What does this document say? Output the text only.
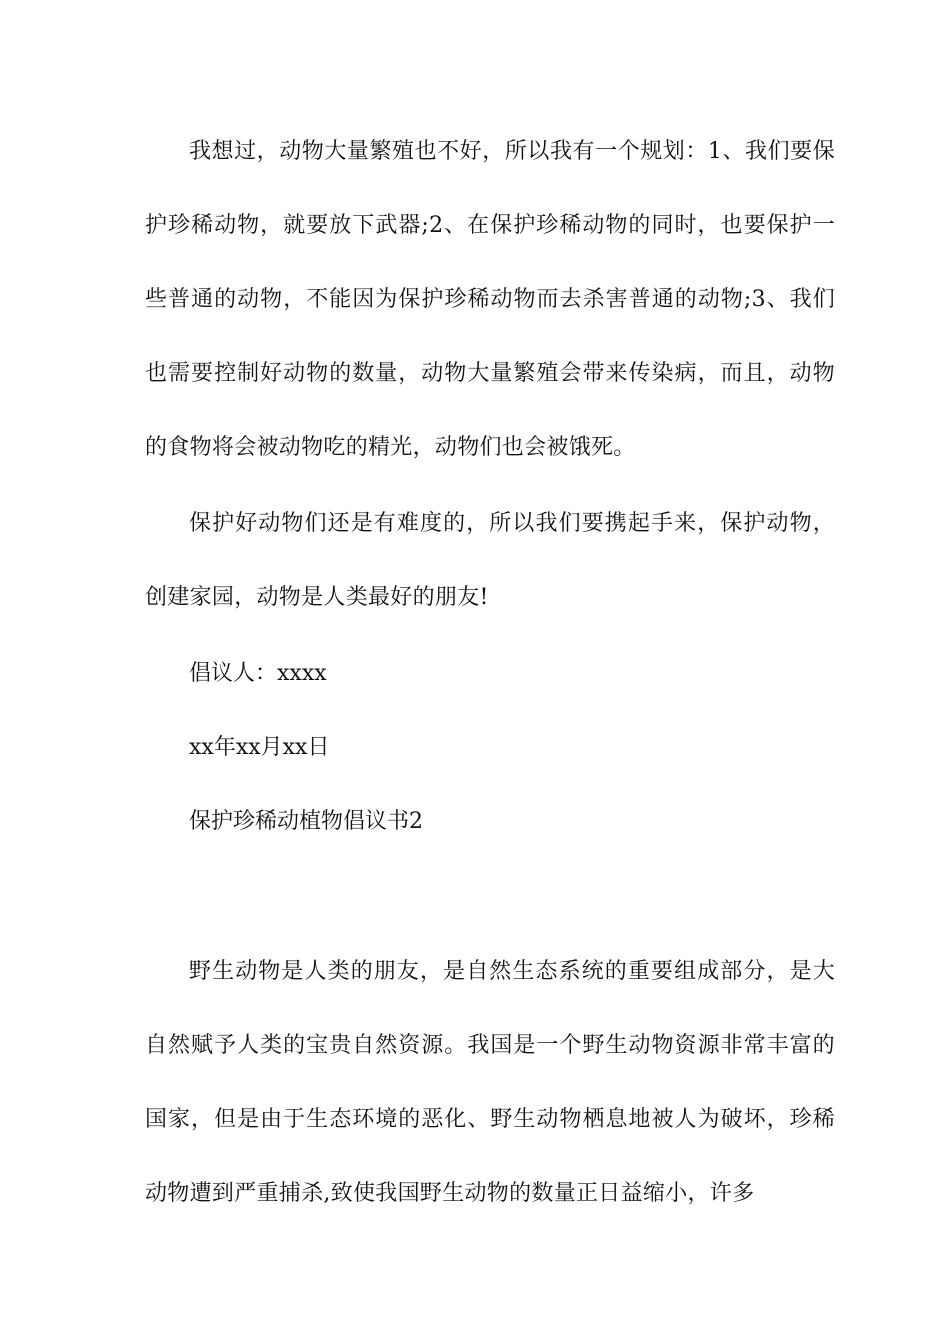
我想过，动物大量繁殖也不好，所以我有一个规划：1、我们要保护珍稀动物，就要放下武器;2、在保护珍稀动物的同时，也要保护一些普通的动物，不能因为保护珍稀动物而去杀害普通的动物;3、我们也需要控制好动物的数量，动物大量繁殖会带来传染病，而且，动物的食物将会被动物吃的精光，动物们也会被饿死。

保护好动物们还是有难度的，所以我们要携起手来，保护动物，创建家园，动物是人类最好的朋友!

倡议人：xxxx

xx年xx月xx日

保护珍稀动植物倡议书2

野生动物是人类的朋友，是自然生态系统的重要组成部分，是大自然赋予人类的宝贵自然资源。我国是一个野生动物资源非常丰富的国家，但是由于生态环境的恶化、野生动物栖息地被人为破坏，珍稀动物遭到严重捕杀,致使我国野生动物的数量正日益缩小，许多
